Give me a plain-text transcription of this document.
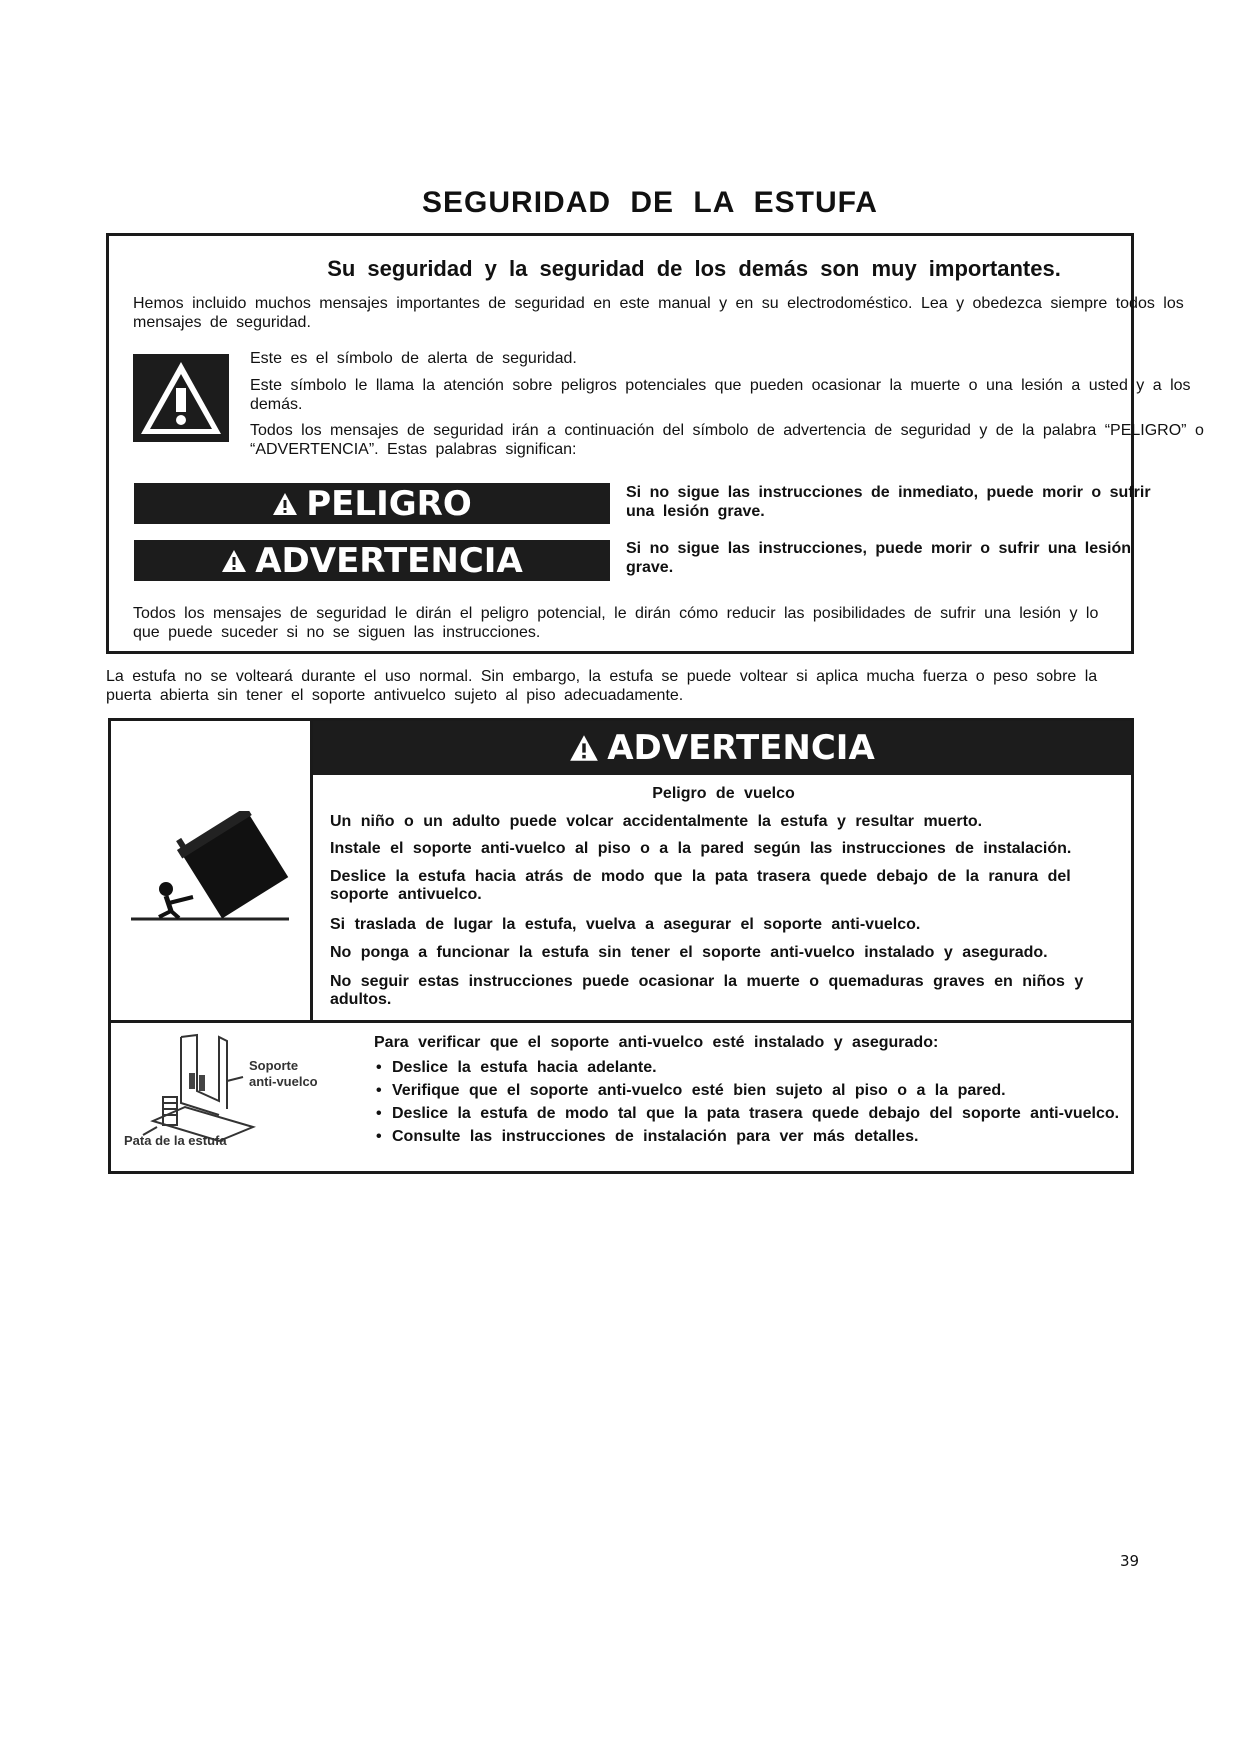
SEGURIDAD DE LA ESTUFA
Su seguridad y la seguridad de los demás son muy importantes.
Hemos incluido muchos mensajes importantes de seguridad en este manual y en su electrodoméstico. Lea y obedezca siempre todos los mensajes de seguridad.
Este es el símbolo de alerta de seguridad.
Este símbolo le llama la atención sobre peligros potenciales que pueden ocasionar la muerte o una lesión a usted y a los demás.
Todos los mensajes de seguridad irán a continuación del símbolo de advertencia de seguridad y de la palabra “PELIGRO” o “ADVERTENCIA”. Estas palabras significan:
PELIGRO	Si no sigue las instrucciones de inmediato, puede morir o sufrir una lesión grave.
ADVERTENCIA	Si no sigue las instrucciones, puede morir o sufrir una lesión grave.
Todos los mensajes de seguridad le dirán el peligro potencial, le dirán cómo reducir las posibilidades de sufrir una lesión y lo que puede suceder si no se siguen las instrucciones.
La estufa no se volteará durante el uso normal. Sin embargo, la estufa se puede voltear si aplica mucha fuerza o peso sobre la puerta abierta sin tener el soporte antivuelco sujeto al piso adecuadamente.
ADVERTENCIA
Peligro de vuelco
Un niño o un adulto puede volcar accidentalmente la estufa y resultar muerto.
Instale el soporte anti-vuelco al piso o a la pared según las instrucciones de instalación.
Deslice la estufa hacia atrás de modo que la pata trasera quede debajo de la ranura del soporte antivuelco.
Si traslada de lugar la estufa, vuelva a asegurar el soporte anti-vuelco.
No ponga a funcionar la estufa sin tener el soporte anti-vuelco instalado y asegurado.
No seguir estas instrucciones puede ocasionar la muerte o quemaduras graves en niños y adultos.
Soporte
anti-vuelco
Pata de la estufa
Para verificar que el soporte anti-vuelco esté instalado y asegurado:
• Deslice la estufa hacia adelante.
• Verifique que el soporte anti-vuelco esté bien sujeto al piso o a la pared.
• Deslice la estufa de modo tal que la pata trasera quede debajo del soporte anti-vuelco.
• Consulte las instrucciones de instalación para ver más detalles.
39
